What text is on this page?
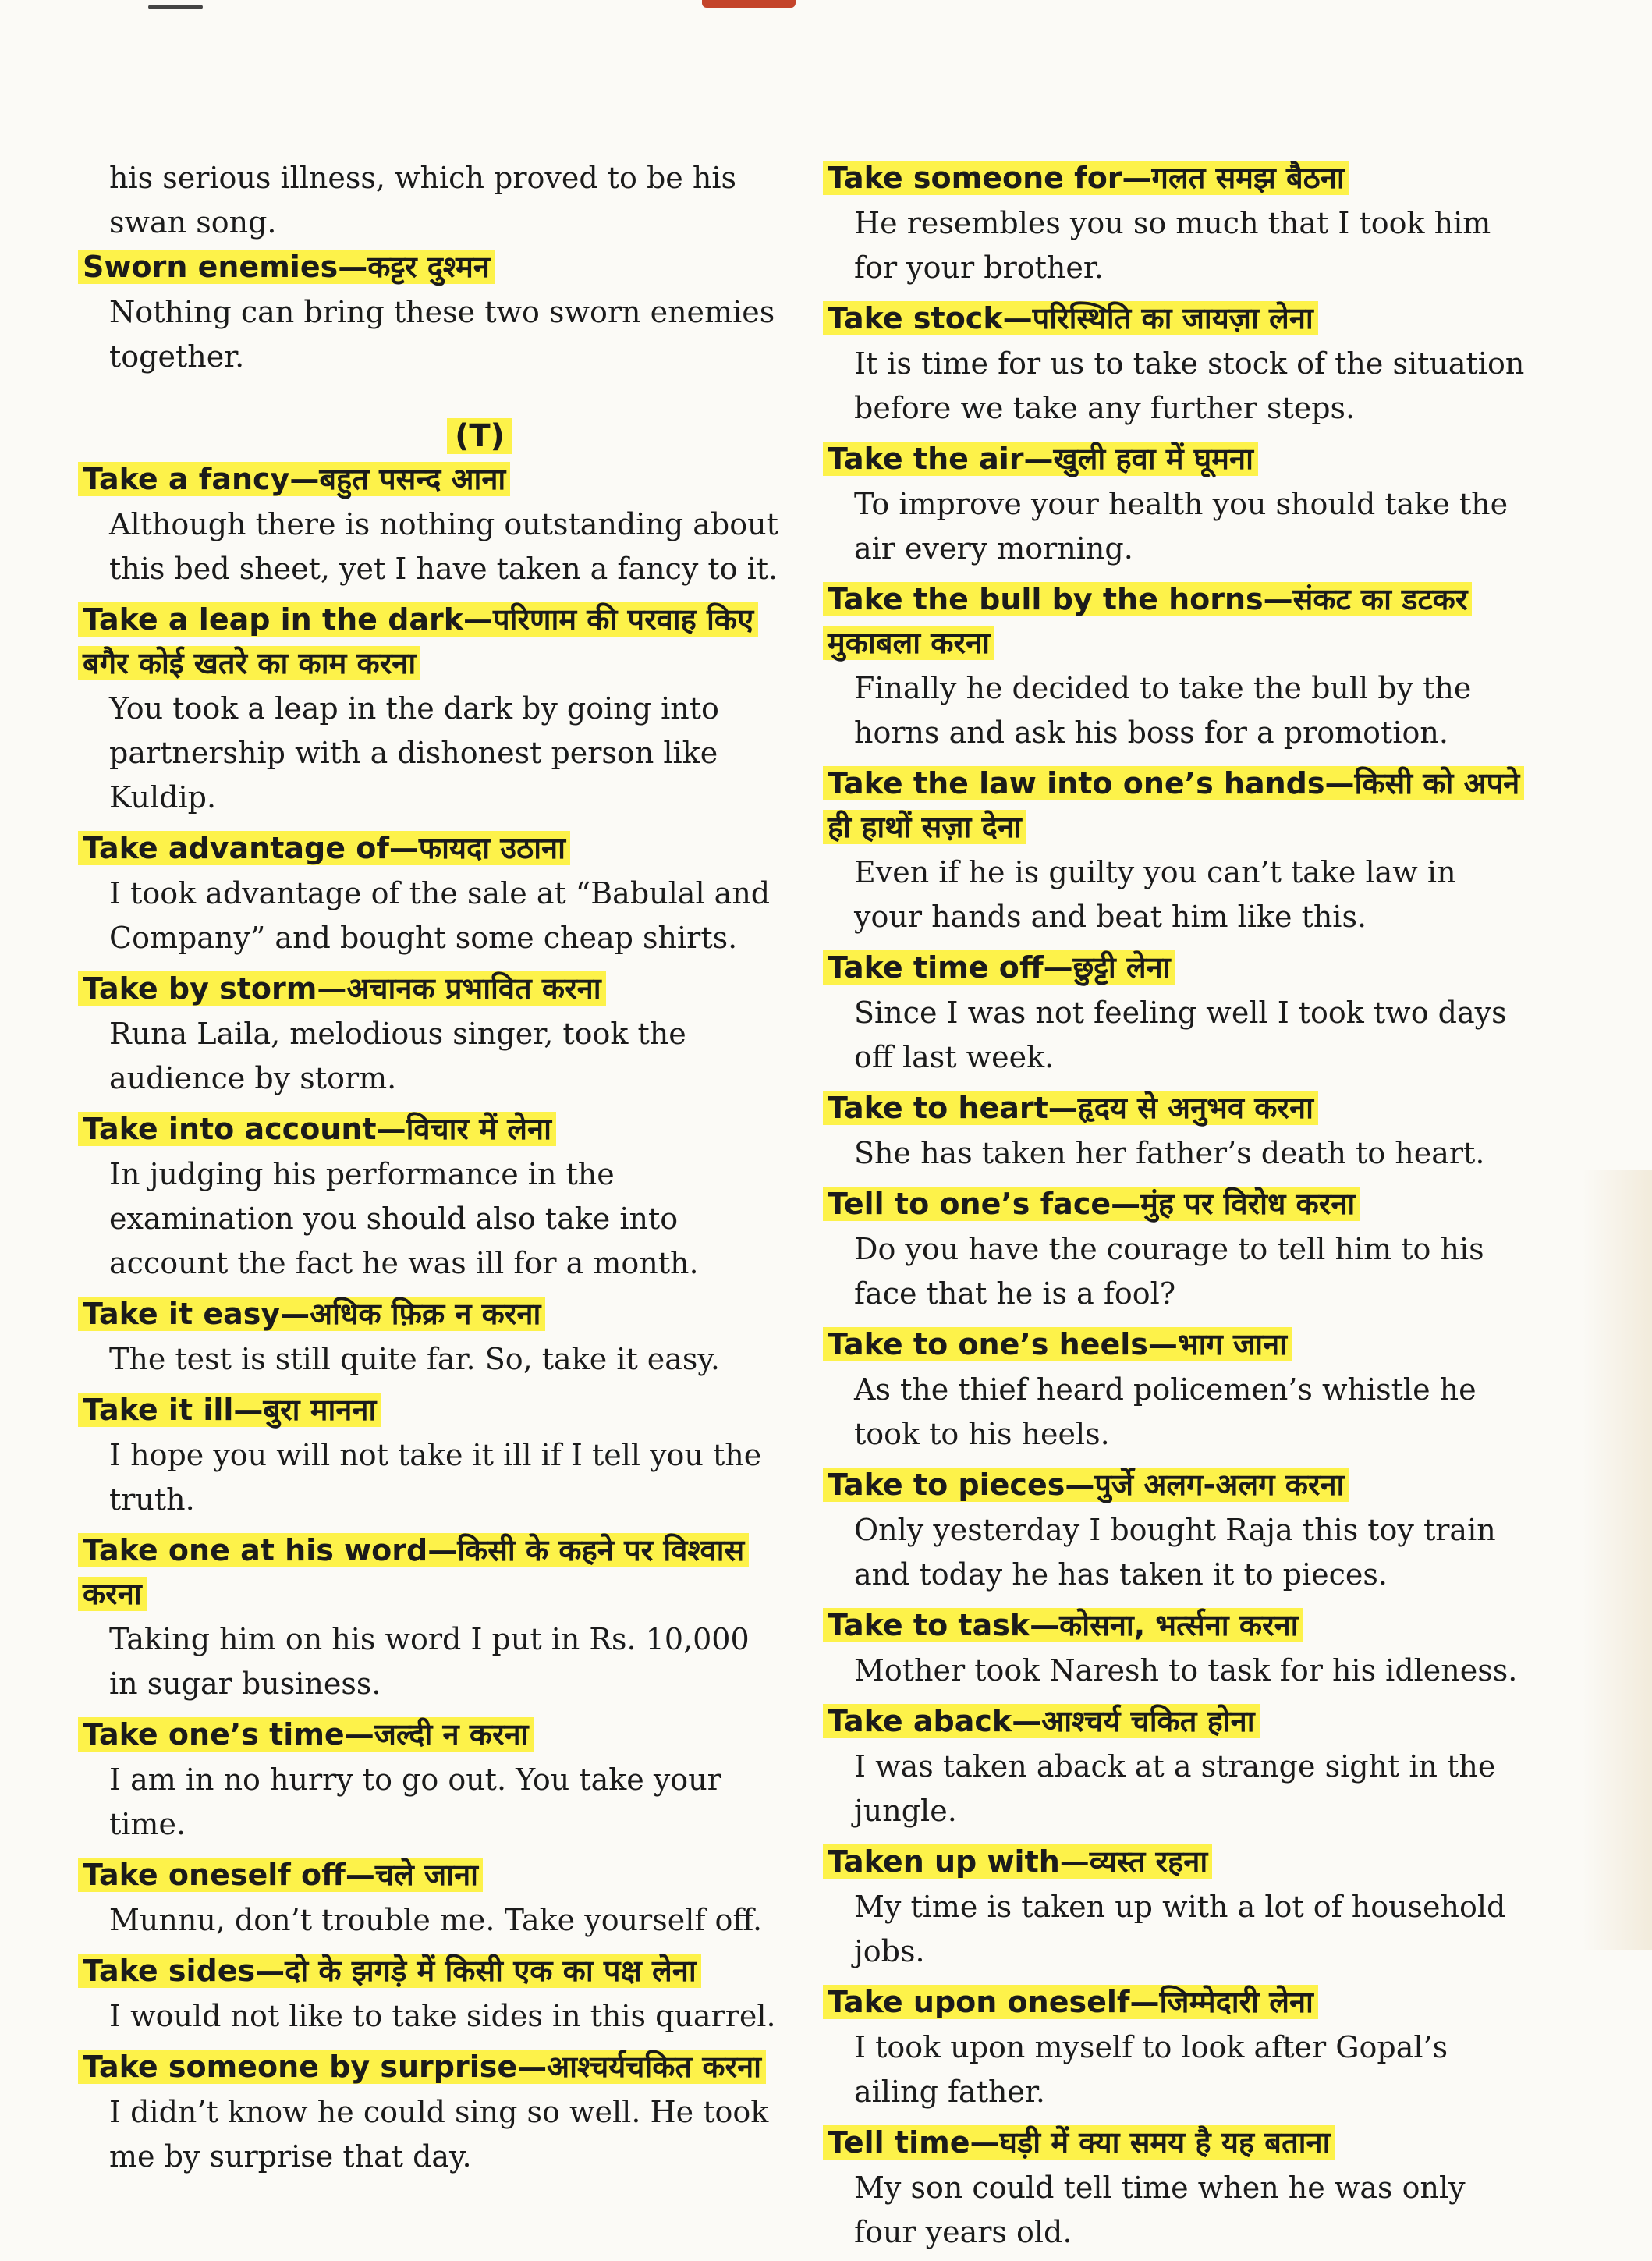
his serious illness, which proved to be his swan song.
Sworn enemies—कट्टर दुश्मन
Nothing can bring these two sworn enemies together.
(T)
Take a fancy—बहुत पसन्द आना
Although there is nothing outstanding about this bed sheet, yet I have taken a fancy to it.
Take a leap in the dark—परिणाम की परवाह किए बगैर कोई खतरे का काम करना
You took a leap in the dark by going into partnership with a dishonest person like Kuldip.
Take advantage of—फायदा उठाना
I took advantage of the sale at “Babulal and Company” and bought some cheap shirts.
Take by storm—अचानक प्रभावित करना
Runa Laila, melodious singer, took the audience by storm.
Take into account—विचार में लेना
In judging his performance in the examination you should also take into account the fact he was ill for a month.
Take it easy—अधिक फ़िक्र न करना
The test is still quite far. So, take it easy.
Take it ill—बुरा मानना
I hope you will not take it ill if I tell you the truth.
Take one at his word—किसी के कहने पर विश्वास करना
Taking him on his word I put in Rs. 10,000 in sugar business.
Take one’s time—जल्दी न करना
I am in no hurry to go out. You take your time.
Take oneself off—चले जाना
Munnu, don’t trouble me. Take yourself off.
Take sides—दो के झगड़े में किसी एक का पक्ष लेना
I would not like to take sides in this quarrel.
Take someone by surprise—आश्चर्यचकित करना
I didn’t know he could sing so well. He took me by surprise that day.
Take someone for—गलत समझ बैठना
He resembles you so much that I took him for your brother.
Take stock—परिस्थिति का जायज़ा लेना
It is time for us to take stock of the situation before we take any further steps.
Take the air—खुली हवा में घूमना
To improve your health you should take the air every morning.
Take the bull by the horns—संकट का डटकर मुकाबला करना
Finally he decided to take the bull by the horns and ask his boss for a promotion.
Take the law into one’s hands—किसी को अपने ही हाथों सज़ा देना
Even if he is guilty you can’t take law in your hands and beat him like this.
Take time off—छुट्टी लेना
Since I was not feeling well I took two days off last week.
Take to heart—हृदय से अनुभव करना
She has taken her father’s death to heart.
Tell to one’s face—मुंह पर विरोध करना
Do you have the courage to tell him to his face that he is a fool?
Take to one’s heels—भाग जाना
As the thief heard policemen’s whistle he took to his heels.
Take to pieces—पुर्जे अलग-अलग करना
Only yesterday I bought Raja this toy train and today he has taken it to pieces.
Take to task—कोसना, भर्त्सना करना
Mother took Naresh to task for his idleness.
Take aback—आश्चर्य चकित होना
I was taken aback at a strange sight in the jungle.
Taken up with—व्यस्त रहना
My time is taken up with a lot of household jobs.
Take upon oneself—जिम्मेदारी लेना
I took upon myself to look after Gopal’s ailing father.
Tell time—घड़ी में क्या समय है यह बताना
My son could tell time when he was only four years old.
